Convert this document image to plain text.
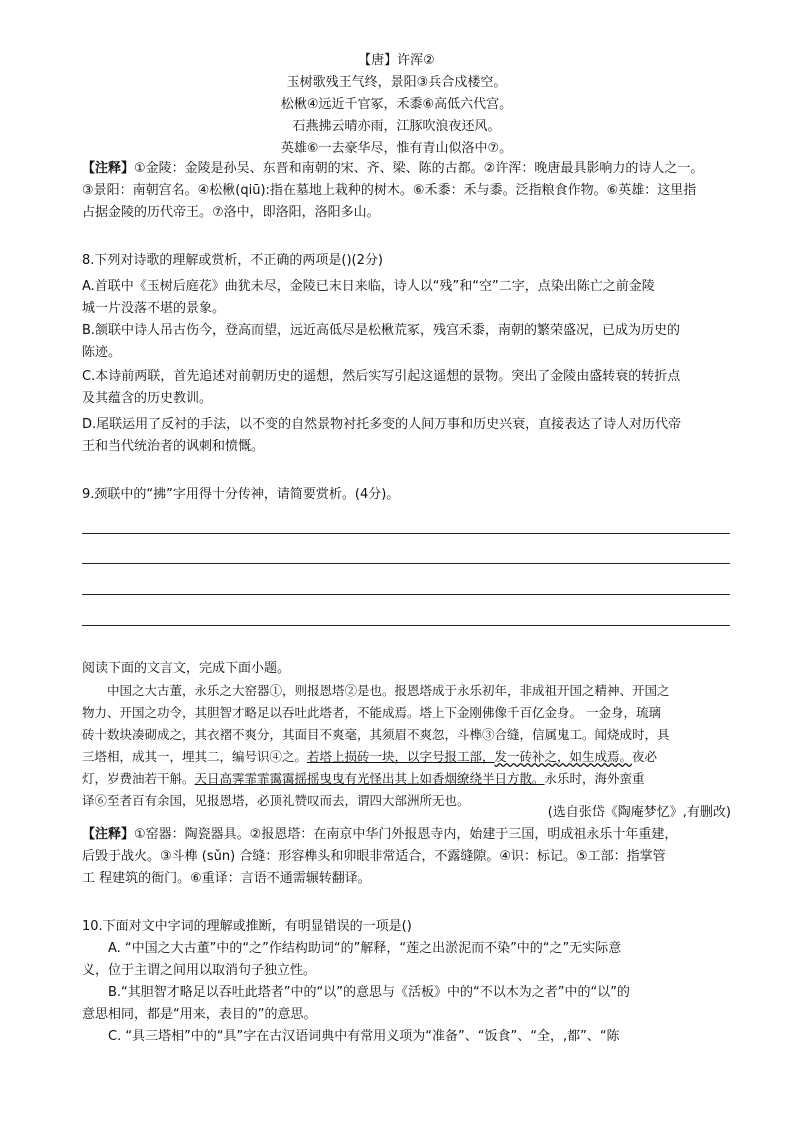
【唐】许浑②
玉树歌残王气终，景阳③兵合戍楼空。
松楸④远近千官冢，禾黍⑥高低六代宫。
石燕拂云晴亦雨，江豚吹浪夜还风。
英雄⑥一去豪华尽，惟有青山似洛中⑦。
【注释】①金陵：金陵是孙吴、东晋和南朝的宋、齐、梁、陈的古都。②许浑：晚唐最具影响力的诗人之一。
③景阳：南朝宫名。④松楸(qiū):指在墓地上栽种的树木。⑥禾黍：禾与黍。泛指粮食作物。⑥英雄：这里指
占据金陵的历代帝王。⑦洛中，即洛阳，洛阳多山。
8.下列对诗歌的理解或赏析，不正确的两项是()(2分)
A.首联中《玉树后庭花》曲犹未尽，金陵已末日来临，诗人以“残”和“空”二字，点染出陈亡之前金陵
城一片没落不堪的景象。
B.颔联中诗人吊古伤今，登高而望，远近高低尽是松楸荒冢，残宫禾黍，南朝的繁荣盛况，已成为历史的
陈迹。
C.本诗前两联，首先追述对前朝历史的遥想，然后实写引起这遥想的景物。突出了金陵由盛转衰的转折点
及其蕴含的历史教训。
D.尾联运用了反衬的手法，以不变的自然景物衬托多变的人间万事和历史兴衰，直接表达了诗人对历代帝
王和当代统治者的讽刺和愤慨。
9.颈联中的“拂”字用得十分传神，请简要赏析。(4分)。
阅读下面的文言文，完成下面小题。
中国之大古董，永乐之大窑器①，则报恩塔②是也。报恩塔成于永乐初年，非成祖开国之精神、开国之
物力、开国之功令，其胆智才略足以吞吐此塔者，不能成焉。塔上下金刚佛像千百亿金身。 一金身，琉璃
砖十数块凑砌成之，其衣褶不爽分，其面目不爽毫，其须眉不爽忽，斗榫③合缝，信属鬼工。闻烧成时，具
三塔相，成其一，埋其二，编号识④之。若塔上损砖一块，以字号报工部，发一砖补之，如生成焉。夜必
灯，岁费油若干斛。天日高霁霏霏霭霭摇摇曳曳有光怪出其上如香烟缭绕半日方散。永乐时，海外蛮重
译⑥至者百有余国，见报恩塔，必顶礼赞叹而去，谓四大部洲所无也。
(选自张岱《陶庵梦忆》,有删改)
【注释】①窑器：陶瓷器具。②报恩塔：在南京中华门外报恩寺内，始建于三国，明成祖永乐十年重建，
后毁于战火。③斗榫 (sǔn) 合缝：形容榫头和卯眼非常适合，不露缝隙。④识：标记。⑤工部：指掌管
工 程建筑的衙门。⑥重译：言语不通需辗转翻译。
10.下面对文中字词的理解或推断，有明显错误的一项是()
A. “中国之大古董”中的“之”作结构助词“的”解释，“莲之出淤泥而不染”中的“之”无实际意
义，位于主谓之间用以取消句子独立性。
B.“其胆智才略足以吞吐此塔者”中的“以”的意思与《活板》中的“不以木为之者”中的“以”的
意思相同，都是“用来，表目的”的意思。
C. “具三塔相”中的“具”字在古汉语词典中有常用义项为“准备”、“饭食”、“全，,都”、“陈
